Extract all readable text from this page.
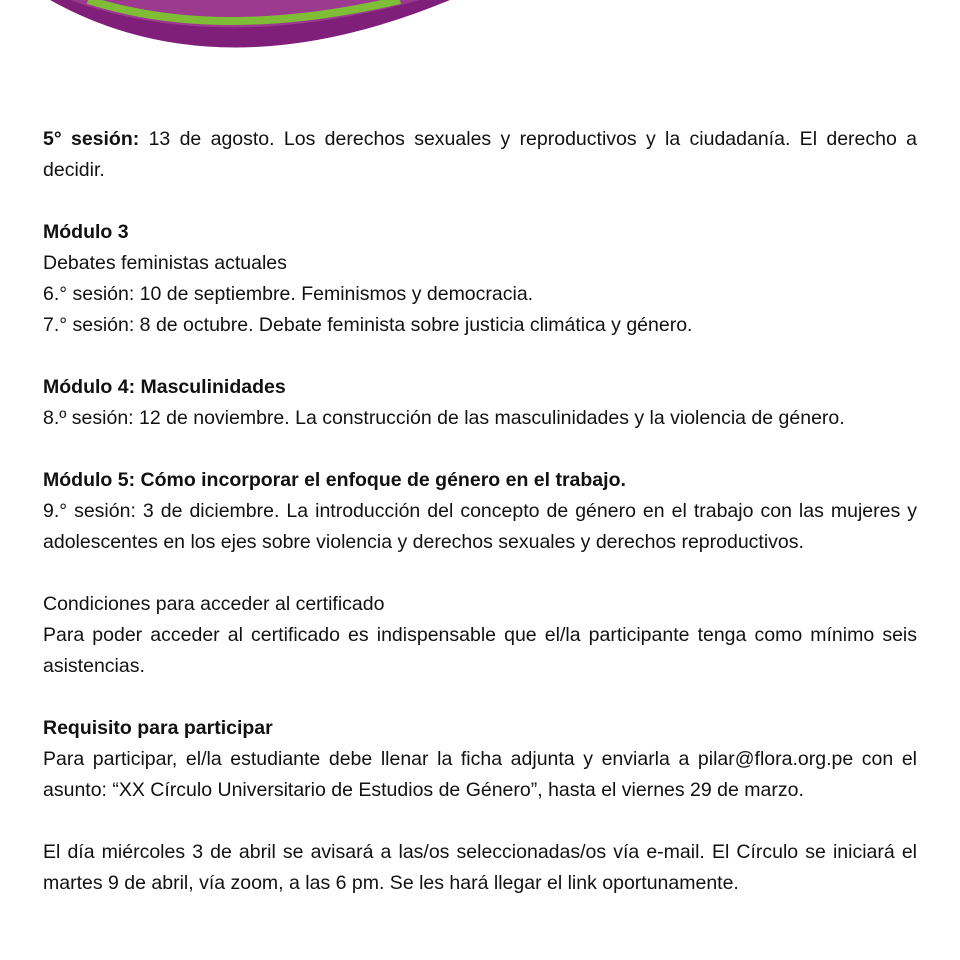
5° sesión: 13 de agosto. Los derechos sexuales y reproductivos y la ciudadanía. El derecho a decidir.

Módulo 3

Debates feministas actuales

6.° sesión: 10 de septiembre. Feminismos y democracia.

7.° sesión: 8 de octubre. Debate feminista sobre justicia climática y género.

Módulo 4: Masculinidades

8.º sesión: 12 de noviembre. La construcción de las masculinidades y la violencia de género.

Módulo 5: Cómo incorporar el enfoque de género en el trabajo.

9.° sesión: 3 de diciembre. La introducción del concepto de género en el trabajo con las mujeres y adolescentes en los ejes sobre violencia y derechos sexuales y derechos reproductivos.

Condiciones para acceder al certificado

Para poder acceder al certificado es indispensable que el/la participante tenga como mínimo seis asistencias.

Requisito para participar

Para participar, el/la estudiante debe llenar la ficha adjunta y enviarla a pilar@flora.org.pe con el asunto: “XX Círculo Universitario de Estudios de Género”, hasta el viernes 29 de marzo.

El día miércoles 3 de abril se avisará a las/os seleccionadas/os vía e-mail. El Círculo se iniciará el martes 9 de abril, vía zoom, a las 6 pm. Se les hará llegar el link oportunamente.
